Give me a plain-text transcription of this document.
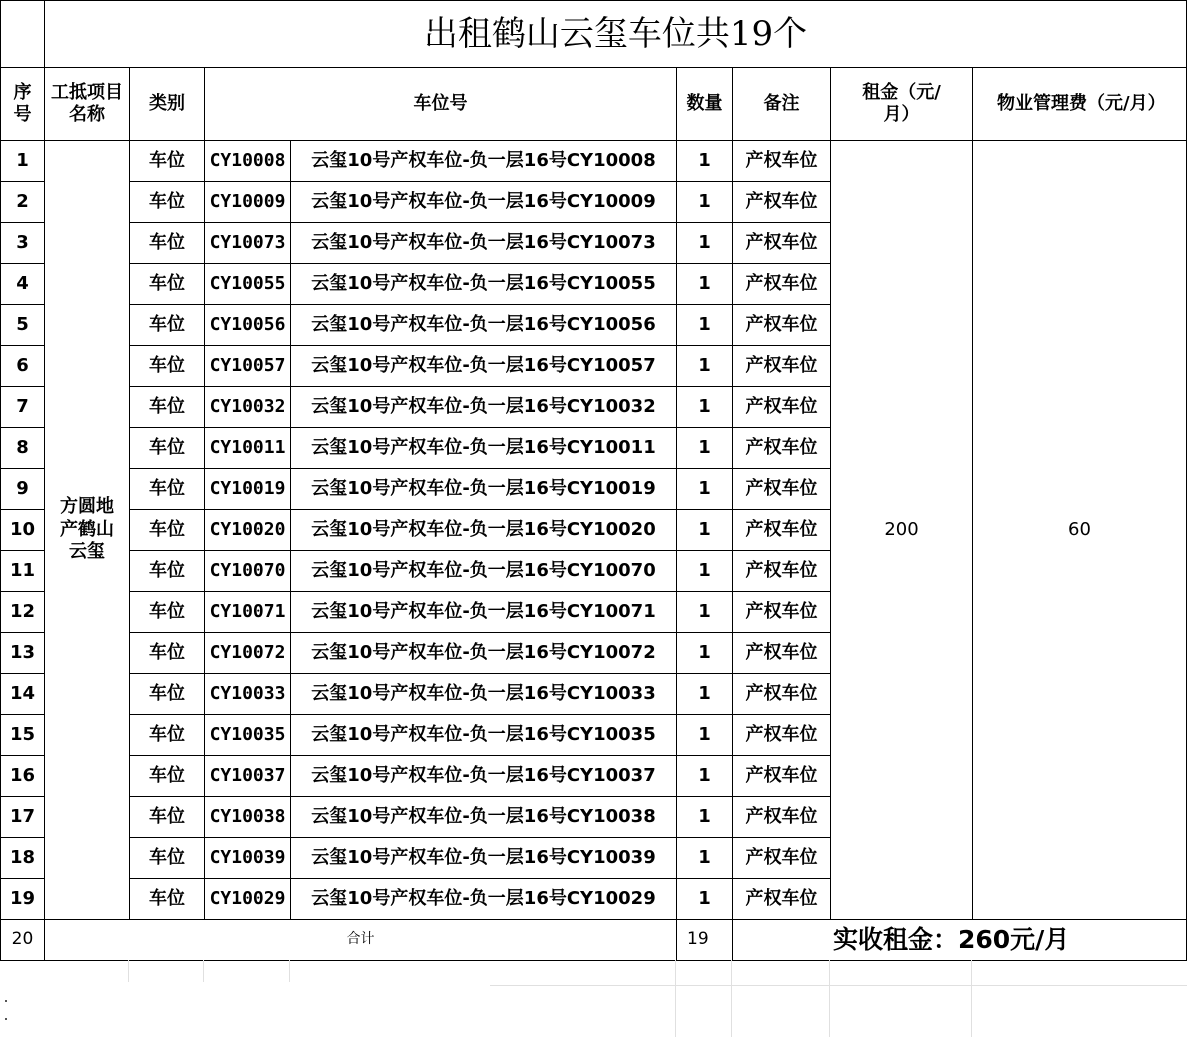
	出租鹤山云玺车位共19个							
序号	工抵项目名称	类别	车位号		数量	备注	租金（元/月）	物业管理费（元/月）
1	方圆地产鹤山云玺	车位	CY10008	云玺10号产权车位-负一层16号CY10008	1	产权车位	200	60
2		车位	CY10009	云玺10号产权车位-负一层16号CY10009	1	产权车位		
3		车位	CY10073	云玺10号产权车位-负一层16号CY10073	1	产权车位		
4		车位	CY10055	云玺10号产权车位-负一层16号CY10055	1	产权车位		
5		车位	CY10056	云玺10号产权车位-负一层16号CY10056	1	产权车位		
6		车位	CY10057	云玺10号产权车位-负一层16号CY10057	1	产权车位		
7		车位	CY10032	云玺10号产权车位-负一层16号CY10032	1	产权车位		
8		车位	CY10011	云玺10号产权车位-负一层16号CY10011	1	产权车位		
9		车位	CY10019	云玺10号产权车位-负一层16号CY10019	1	产权车位		
10		车位	CY10020	云玺10号产权车位-负一层16号CY10020	1	产权车位		
11		车位	CY10070	云玺10号产权车位-负一层16号CY10070	1	产权车位		
12		车位	CY10071	云玺10号产权车位-负一层16号CY10071	1	产权车位		
13		车位	CY10072	云玺10号产权车位-负一层16号CY10072	1	产权车位		
14		车位	CY10033	云玺10号产权车位-负一层16号CY10033	1	产权车位		
15		车位	CY10035	云玺10号产权车位-负一层16号CY10035	1	产权车位		
16		车位	CY10037	云玺10号产权车位-负一层16号CY10037	1	产权车位		
17		车位	CY10038	云玺10号产权车位-负一层16号CY10038	1	产权车位		
18		车位	CY10039	云玺10号产权车位-负一层16号CY10039	1	产权车位		
19		车位	CY10029	云玺10号产权车位-负一层16号CY10029	1	产权车位		
20	合计				19	实收租金：260元/月		
